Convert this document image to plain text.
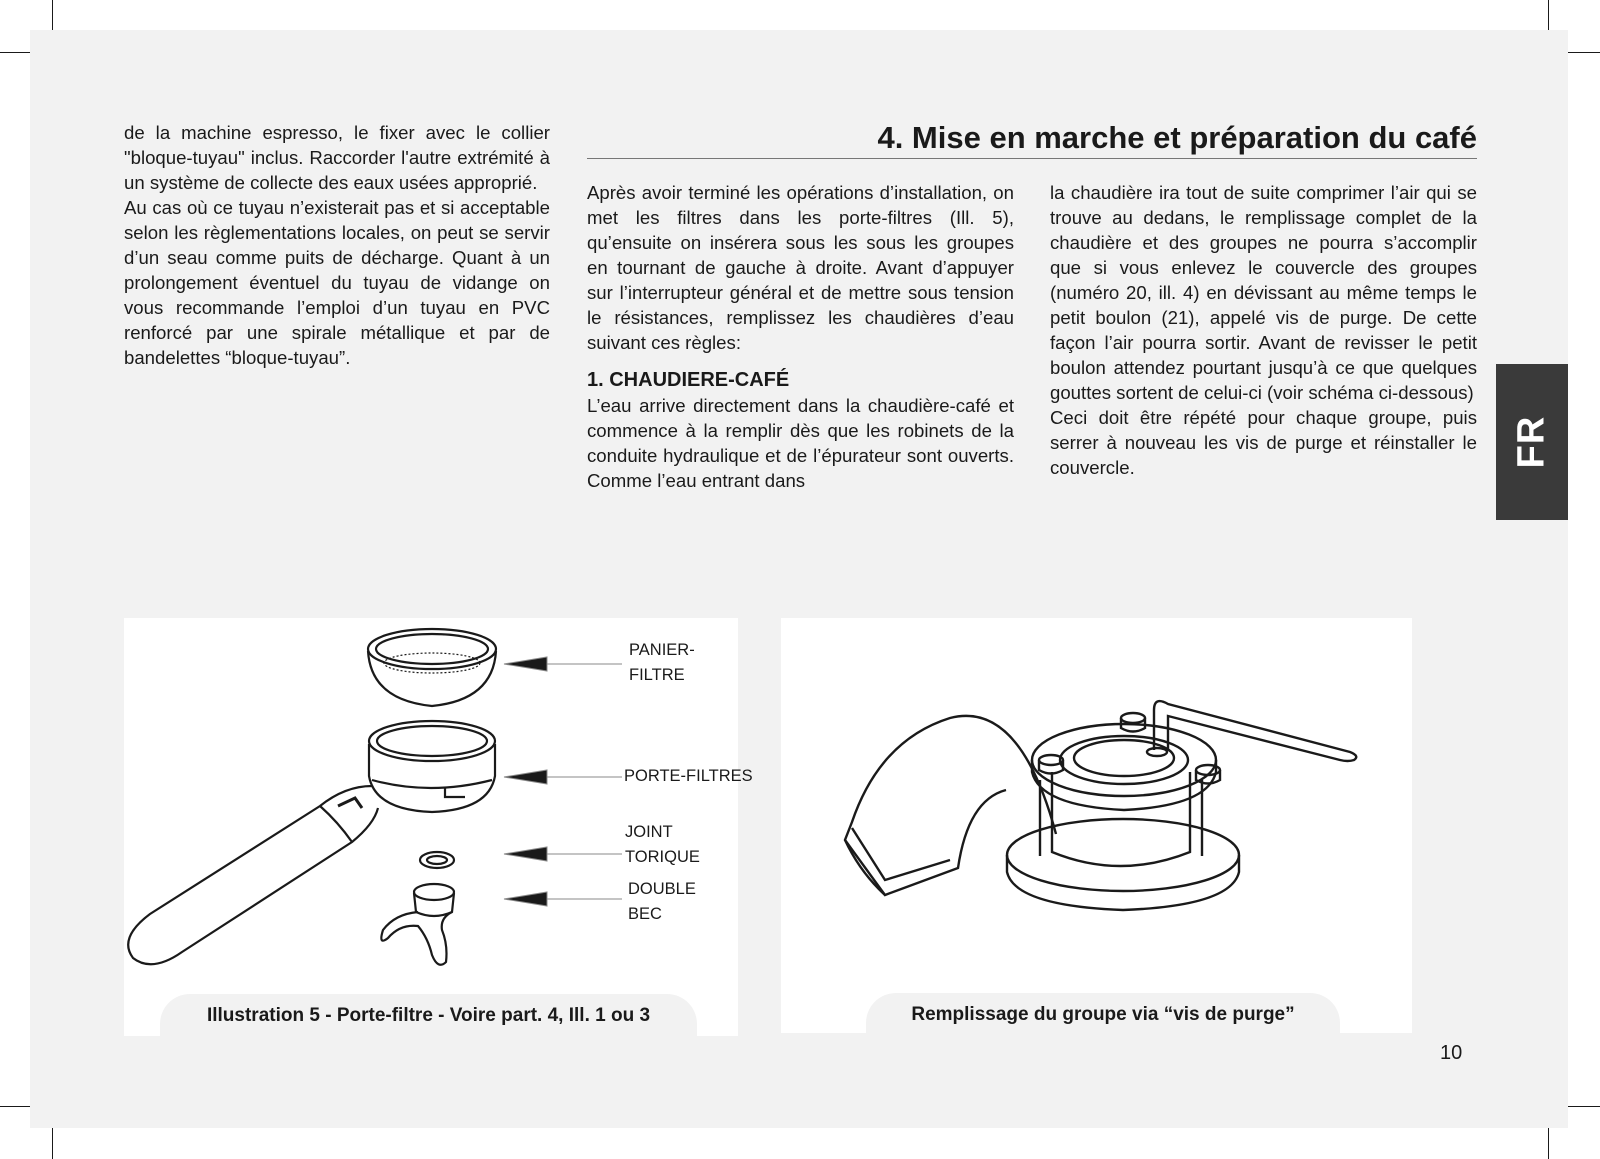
de la machine espresso, le fixer avec le collier "bloque-tuyau" inclus. Raccorder l'autre extrémité à un système de collecte des eaux usées approprié.

Au cas où ce tuyau n’existerait pas et si acceptable selon les règlementations locales, on peut se servir d’un seau comme puits de décharge. Quant à un prolongement éventuel du tuyau de vidange on vous recommande l’emploi d’un tuyau en PVC renforcé par une spirale métallique et par de bandelettes “bloque-tuyau”.

4. Mise en marche et préparation du café

Après avoir terminé les opérations d’installation, on met les filtres dans les porte-filtres (Ill. 5), qu’ensuite on insérera sous les sous les groupes en tournant de gauche à droite. Avant d’appuyer sur l’interrupteur général et de mettre sous tension le résistances, remplissez les chaudières d’eau suivant ces règles:

1. CHAUDIERE-CAFÉ

L’eau arrive directement dans la chaudière-café et commence à la remplir dès que les robinets de la conduite hydraulique et de l’épurateur sont ouverts. Comme l’eau entrant dans

la chaudière ira tout de suite comprimer l’air qui se trouve au dedans, le remplissage complet de la chaudière et des groupes ne pourra s’accomplir que si vous enlevez le couvercle des groupes (numéro 20, ill. 4) en dévissant au même temps le petit boulon (21), appelé vis de purge. De cette façon l’air pourra sortir. Avant de revisser le petit boulon attendez pourtant jusqu’à ce que quelques gouttes sortent de celui-ci (voir schéma ci-dessous)

Ceci doit être répété pour chaque groupe, puis serrer à nouveau les vis de purge et réinstaller le couvercle.	FR
PANIER-
FILTRE
PORTE-FILTRES
JOINT
TORIQUE
DOUBLE
BEC
Illustration 5 - Porte-filtre - Voire part. 4, Ill. 1 ou 3	Remplissage du groupe via “vis de purge”
10
